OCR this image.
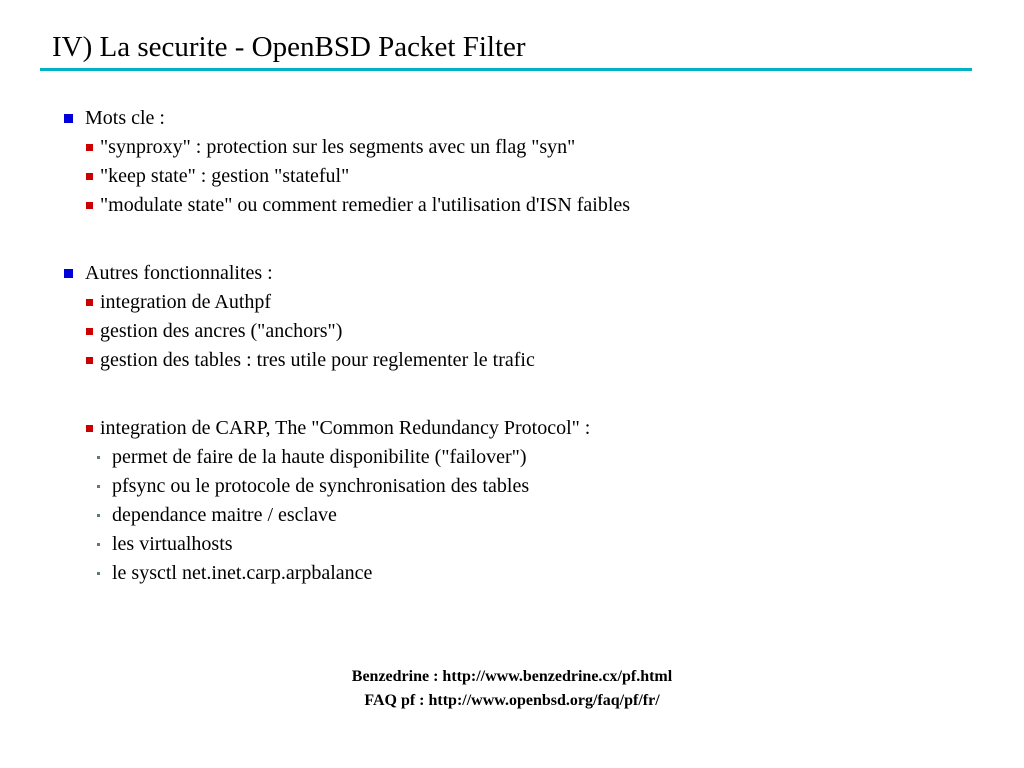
IV) La securite - OpenBSD Packet Filter
Mots cle :
"synproxy" : protection sur les segments avec un flag "syn"
"keep state" : gestion "stateful"
"modulate state" ou comment remedier a l'utilisation d'ISN faibles
Autres fonctionnalites :
integration de Authpf
gestion des ancres ("anchors")
gestion des tables : tres utile pour reglementer le trafic
integration de CARP, The "Common Redundancy Protocol" :
permet de faire de la haute disponibilite ("failover")
pfsync ou le protocole de synchronisation des tables
dependance maitre / esclave
les virtualhosts
le sysctl net.inet.carp.arpbalance
Benzedrine : http://www.benzedrine.cx/pf.html
FAQ pf : http://www.openbsd.org/faq/pf/fr/
